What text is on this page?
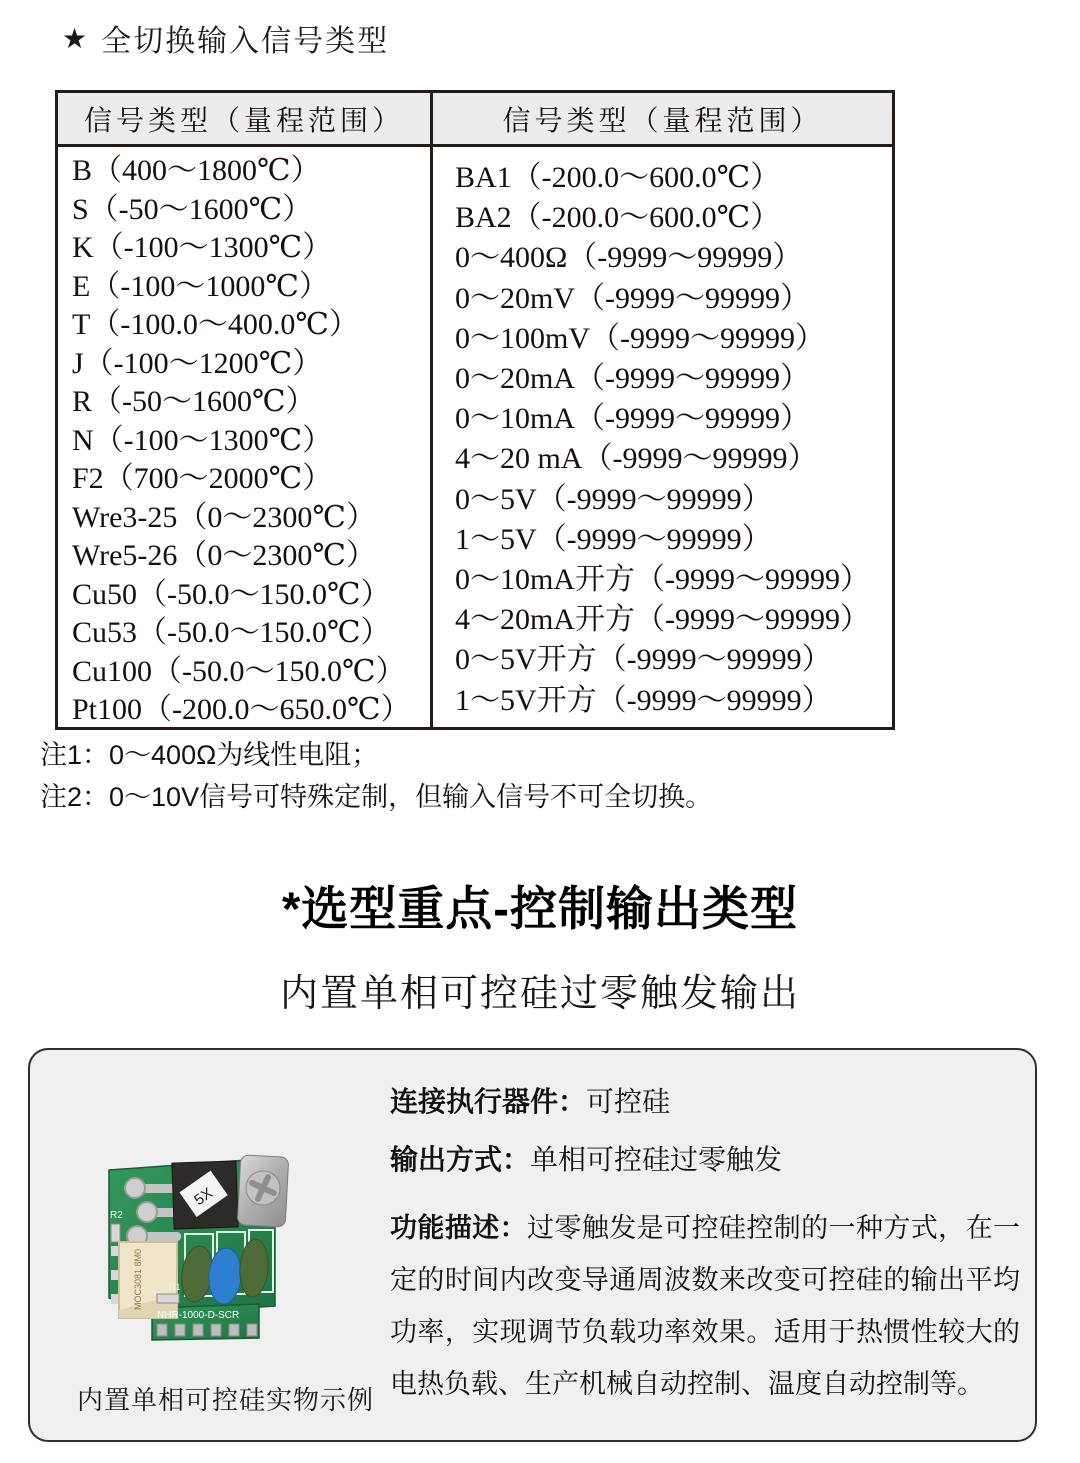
★ 全切换输入信号类型
信号类型（量程范围）	信号类型（量程范围）
B（400～1800℃）
S（-50～1600℃）
K（-100～1300℃）
E（-100～1000℃）
T（-100.0～400.0℃）
J（-100～1200℃）
R（-50～1600℃）
N（-100～1300℃）
F2（700～2000℃）
Wre3-25（0～2300℃）
Wre5-26（0～2300℃）
Cu50（-50.0～150.0℃）
Cu53（-50.0～150.0℃）
Cu100（-50.0～150.0℃）
Pt100（-200.0～650.0℃）
BA1（-200.0～600.0℃）
BA2（-200.0～600.0℃）
0～400Ω（-9999～99999）
0～20mV（-9999～99999）
0～100mV（-9999～99999）
0～20mA（-9999～99999）
0～10mA（-9999～99999）
4～20 mA（-9999～99999）
0～5V（-9999～99999）
1～5V（-9999～99999）
0～10mA开方（-9999～99999）
4～20mA开方（-9999～99999）
0～5V开方（-9999～99999）
1～5V开方（-9999～99999）
注1：0～400Ω为线性电阻；
注2：0～10V信号可特殊定制，但输入信号不可全切换。
*选型重点-控制输出类型
内置单相可控硅过零触发输出
R2
5X
MOC3081 8M0	R1
NHR-1000-D-SCR
连接执行器件：可控硅
输出方式：单相可控硅过零触发
功能描述：过零触发是可控硅控制的一种方式，在一定的时间内改变导通周波数来改变可控硅的输出平均功率，实现调节负载功率效果。适用于热惯性较大的电热负载、生产机械自动控制、温度自动控制等。
内置单相可控硅实物示例
